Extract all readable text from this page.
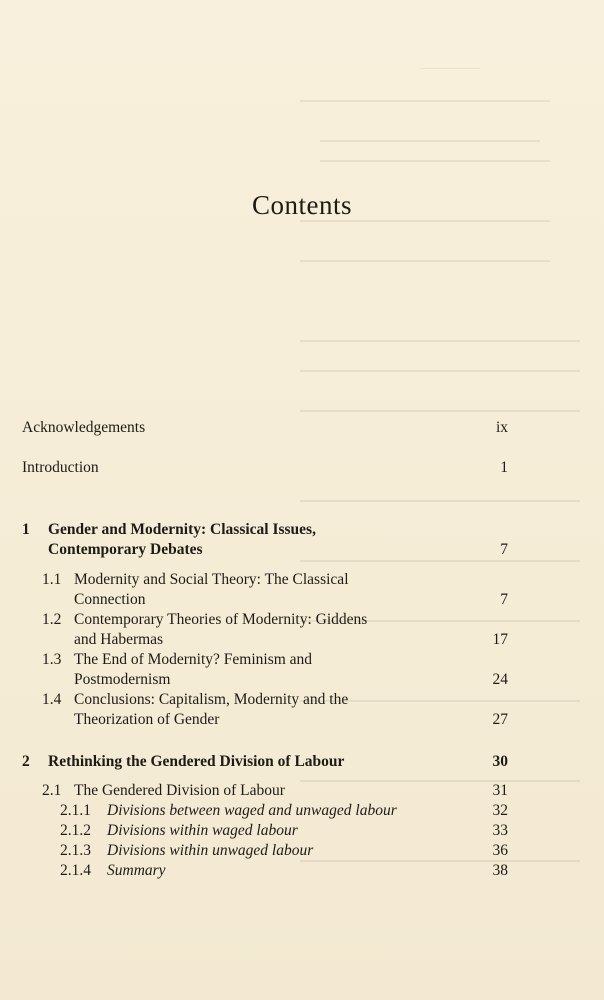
————
Contents
Acknowledgements	ix
Introduction	1
1 Gender and Modernity: Classical Issues,
Contemporary Debates	7
1.1 Modernity and Social Theory: The Classical
Connection	7
1.2 Contemporary Theories of Modernity: Giddens
and Habermas	17
1.3 The End of Modernity? Feminism and
Postmodernism	24
1.4 Conclusions: Capitalism, Modernity and the
Theorization of Gender	27
2 Rethinking the Gendered Division of Labour	30
2.1 The Gendered Division of Labour	31
2.1.1 Divisions between waged and unwaged labour	32
2.1.2 Divisions within waged labour	33
2.1.3 Divisions within unwaged labour	36
2.1.4 Summary	38
